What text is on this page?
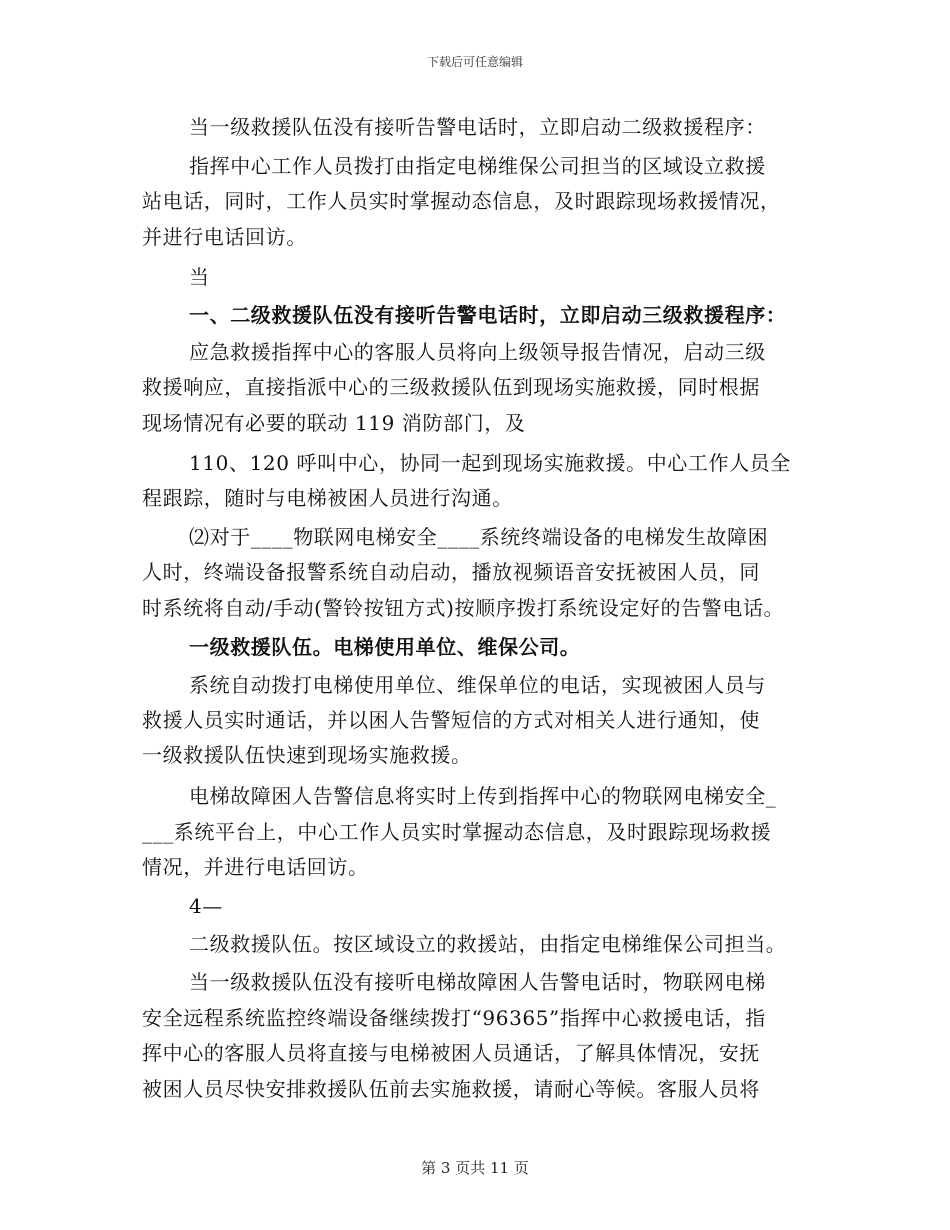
下载后可任意编辑
当一级救援队伍没有接听告警电话时，立即启动二级救援程序：
指挥中心工作人员拨打由指定电梯维保公司担当的区域设立救援
站电话，同时，工作人员实时掌握动态信息，及时跟踪现场救援情况，
并进行电话回访。
当
一、二级救援队伍没有接听告警电话时，立即启动三级救援程序：
应急救援指挥中心的客服人员将向上级领导报告情况，启动三级
救援响应，直接指派中心的三级救援队伍到现场实施救援，同时根据
现场情况有必要的联动 119 消防部门，及
110、120 呼叫中心，协同一起到现场实施救援。中心工作人员全
程跟踪，随时与电梯被困人员进行沟通。
⑵对于____物联网电梯安全____系统终端设备的电梯发生故障困
人时，终端设备报警系统自动启动，播放视频语音安抚被困人员，同
时系统将自动/手动(警铃按钮方式)按顺序拨打系统设定好的告警电话。
一级救援队伍。电梯使用单位、维保公司。
系统自动拨打电梯使用单位、维保单位的电话，实现被困人员与
救援人员实时通话，并以困人告警短信的方式对相关人进行通知，使
一级救援队伍快速到现场实施救援。
电梯故障困人告警信息将实时上传到指挥中心的物联网电梯安全_
___系统平台上，中心工作人员实时掌握动态信息，及时跟踪现场救援
情况，并进行电话回访。
4—
二级救援队伍。按区域设立的救援站，由指定电梯维保公司担当。
当一级救援队伍没有接听电梯故障困人告警电话时，物联网电梯
安全远程系统监控终端设备继续拨打“96365”指挥中心救援电话，指
挥中心的客服人员将直接与电梯被困人员通话，了解具体情况，安抚
被困人员尽快安排救援队伍前去实施救援，请耐心等候。客服人员将
第 3 页共 11 页
